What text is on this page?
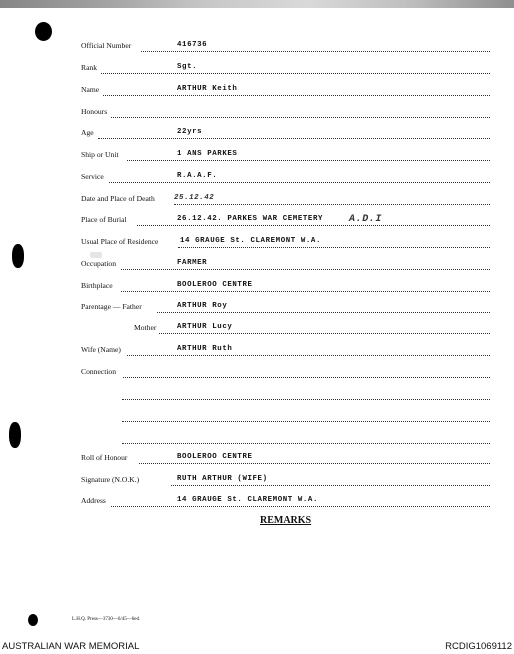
Official Number	416736
Rank	Sgt.
Name	ARTHUR Keith
Honours
Age	22yrs
Ship or Unit	1 ANS PARKES
Service	R.A.A.F.
Date and Place of Death	25.12.42
Place of Burial	26.12.42. PARKES WAR CEMETERY	A.D.I
Usual Place of Residence	14 GRAUGE St. CLAREMONT W.A.
Occupation	FARMER
Birthplace	BOOLEROO CENTRE
Parentage — Father	ARTHUR Roy
Mother	ARTHUR Lucy
Wife (Name)	ARTHUR Ruth
Connection
Roll of Honour	BOOLEROO CENTRE
Signature (N.O.K.)	RUTH ARTHUR (WIFE)
Address	14 GRAUGE St. CLAREMONT W.A.
REMARKS
L.H.Q. Press—3730—6/45—6ed.
AUSTRALIAN WAR MEMORIAL	RCDIG1069112
